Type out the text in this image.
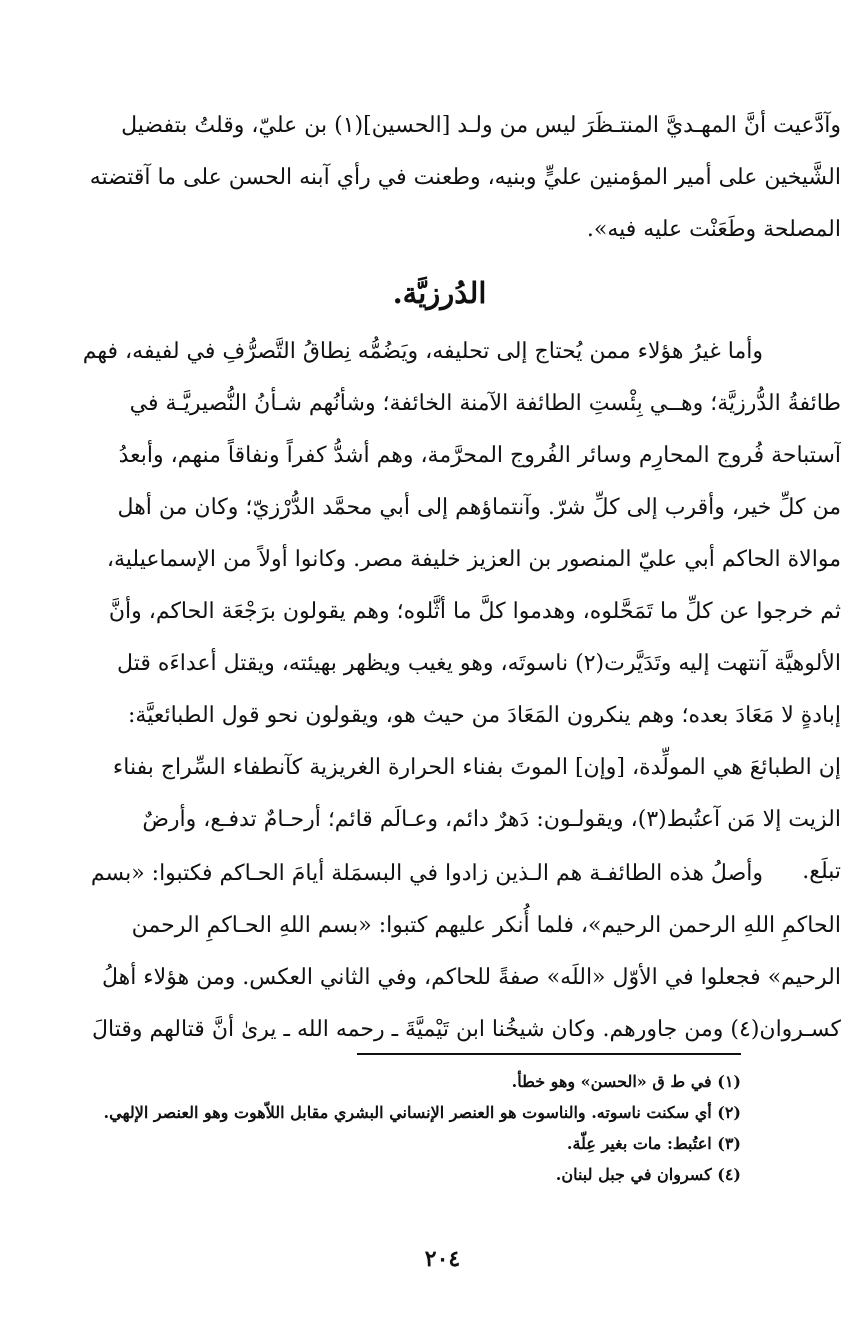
وآدَّعيت أنَّ المهـديَّ المنتـظَرَ ليس من ولـد [الحسين](١) بن عليّ، وقلتُ بتفضيل
الشَّيخين على أمير المؤمنين عليٍّ وبنيه، وطعنت في رأي آبنه الحسن على ما آقتضته
المصلحة وطَعَنْت عليه فيه».
الدُرزيَّة.
وأما غيرُ هؤلاء ممن يُحتاج إلى تحليفه، ويَضُمُّه نِطاقُ التَّصرُّفِ في لفيفه، فهم
طائفةُ الدُّرزيَّة؛ وهــي بِئْستِ الطائفة الآمنة الخائفة؛ وشأنُهم شـأنُ النُّصيريَّـة في
آستباحة فُروج المحارِم وسائر الفُروج المحرَّمة، وهم أشدُّ كفراً ونفاقاً منهم، وأبعدُ
من كلِّ خير، وأقرب إلى كلِّ شرّ. وآنتماؤهم إلى أبي محمَّد الدُّرْزيّ؛ وكان من أهل
موالاة الحاكم أبي عليّ المنصور بن العزيز خليفة مصر. وكانوا أولاً من الإسماعيلية،
ثم خرجوا عن كلِّ ما تَمَحَّلوه، وهدموا كلَّ ما أثَّلوه؛ وهم يقولون برَجْعَة الحاكم، وأنَّ
الألوهيَّة آنتهت إليه وتَدَيَّرت(٢) ناسوتَه، وهو يغيب ويظهر بهيئته، ويقتل أعداءَه قتل
إبادةٍ لا مَعَادَ بعده؛ وهم ينكرون المَعَادَ من حيث هو، ويقولون نحو قول الطبائعيَّة:
إن الطبائعَ هي المولِّدة، [وإن] الموتَ بفناء الحرارة الغريزية كآنطفاء السِّراج بفناء
الزيت إلا مَن آعتُبط(٣)، ويقولـون: دَهرٌ دائم، وعـالَم قائم؛ أرحـامٌ تدفـع، وأرضٌ
تبلَع.
وأصلُ هذه الطائفـة هم الـذين زادوا في البسمَلة أيامَ الحـاكم فكتبوا: «بسم
الحاكمِ اللهِ الرحمن الرحيم»، فلما أُنكر عليهم كتبوا: «بسم اللهِ الحـاكمِ الرحمن
الرحيم» فجعلوا في الأوّل «اللَه» صفةً للحاكم، وفي الثاني العكس. ومن هؤلاء أهلُ
كسـروان(٤) ومن جاورهم. وكان شيخُنا ابن تَيْميَّةَ ـ رحمه الله ـ يرىٰ أنَّ قتالهم وقتالَ
(١) في ط ق «الحسن» وهو خطأ.
(٢) أي سكنت ناسوته. والناسوت هو العنصر الإنساني البشري مقابل اللاّهوت وهو العنصر الإلهي.
(٣) اعتُبط: مات بغير عِلّة.
(٤) كسروان في جبل لبنان.
٢٠٤
